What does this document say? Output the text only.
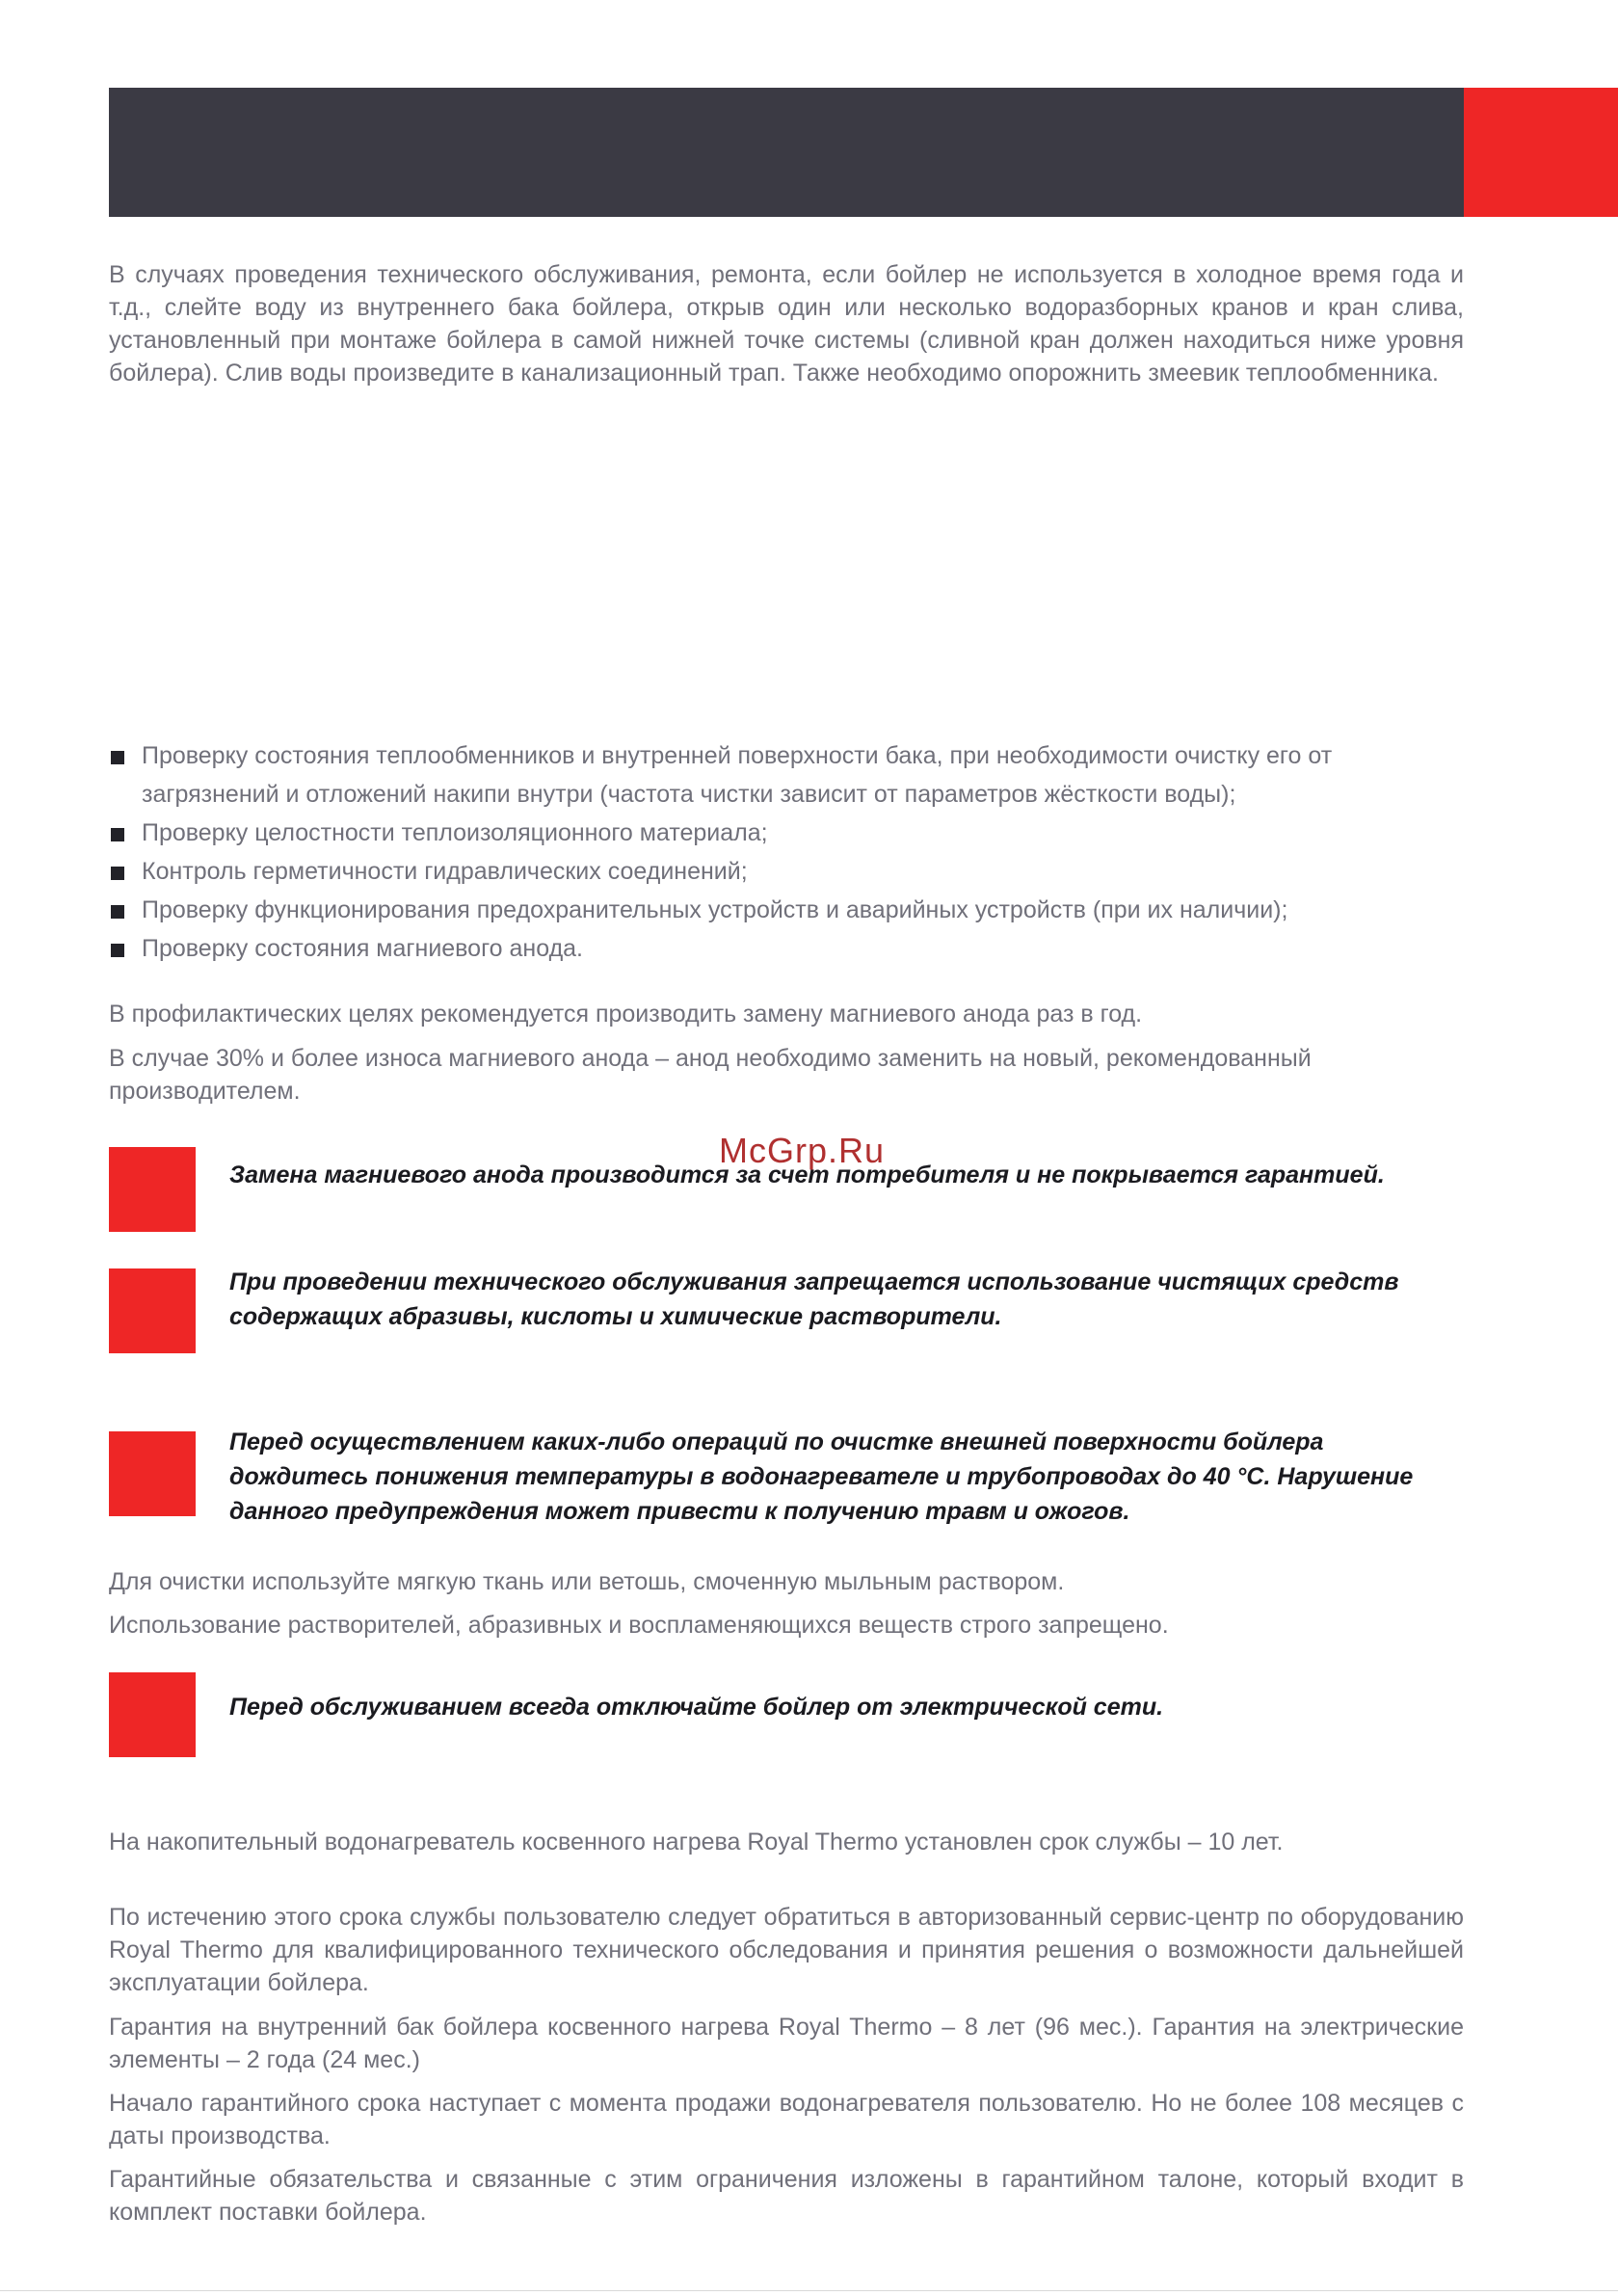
В случаях проведения технического обслуживания, ремонта, если бойлер не используется в холодное время года и т.д., слейте воду из внутреннего бака бойлера, открыв один или несколько водоразборных кранов и кран слива, установленный при монтаже бойлера в самой нижней точке системы (сливной кран должен находиться ниже уровня бойлера). Слив воды произведите в канализационный трап. Также необходимо опорожнить змеевик теплообменника.

Проверку состояния теплообменников и внутренней поверхности бака, при необходимости очистку его от загрязнений и отложений накипи внутри (частота чистки зависит от параметров жёсткости воды);
Проверку целостности теплоизоляционного материала;
Контроль герметичности гидравлических соединений;
Проверку функционирования предохранительных устройств и аварийных устройств (при их наличии);
Проверку состояния магниевого анода.

В профилактических целях рекомендуется производить замену магниевого анода раз в год.

В случае 30% и более износа магниевого анода – анод необходимо заменить на новый, рекомендованный производителем.

McGrp.Ru

Замена магниевого анода производится за счет потребителя и не покрывается гарантией.

При проведении технического обслуживания запрещается использование чистящих средств содержащих абразивы, кислоты и химические растворители.

Перед осуществлением каких-либо операций по очистке внешней поверхности бойлера дождитесь понижения температуры в водонагревателе и трубопроводах до 40 °С. Нарушение данного предупреждения может привести к получению травм и ожогов.

Для очистки используйте мягкую ткань или ветошь, смоченную мыльным раствором.

Использование растворителей, абразивных и воспламеняющихся веществ строго запрещено.

Перед обслуживанием всегда отключайте бойлер от электрической сети.

На накопительный водонагреватель косвенного нагрева Royal Thermo установлен срок службы – 10 лет.

По истечению этого срока службы пользователю следует обратиться в авторизованный сервис-центр по оборудованию Royal Thermo для квалифицированного технического обследования и принятия решения о возможности дальнейшей эксплуатации бойлера.

Гарантия на внутренний бак бойлера косвенного нагрева Royal Thermo – 8 лет (96 мес.). Гарантия на электрические элементы – 2 года (24 мес.)

Начало гарантийного срока наступает с момента продажи водонагревателя пользователю. Но не более 108 месяцев с даты производства.

Гарантийные обязательства и связанные с этим ограничения изложены в гарантийном талоне, который входит в комплект поставки бойлера.
